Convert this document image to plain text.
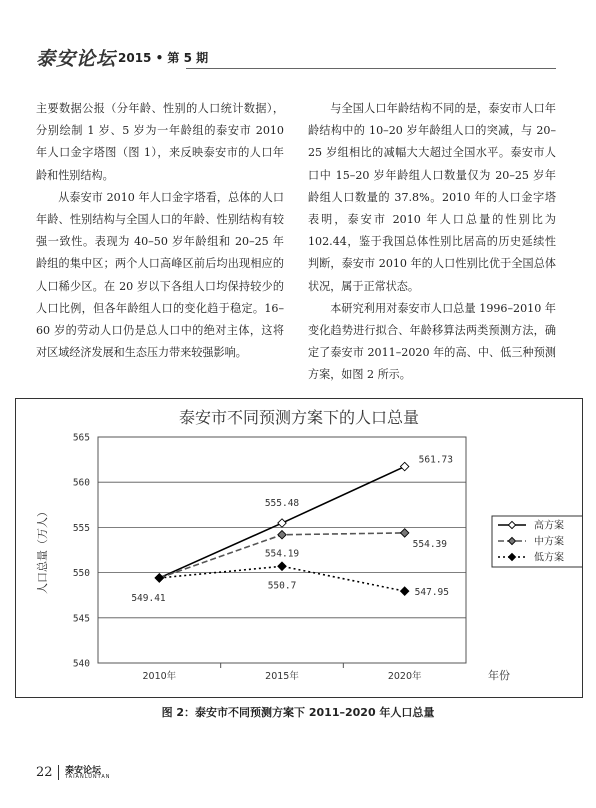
泰安论坛 2015 • 第 5 期

主要数据公报（分年龄、性别的人口统计数据），分别绘制 1 岁、5 岁为一年龄组的泰安市 2010 年人口金字塔图（图 1），来反映泰安市的人口年龄和性别结构。

从泰安市 2010 年人口金字塔看，总体的人口年龄、性别结构与全国人口的年龄、性别结构有较强一致性。表现为 40–50 岁年龄组和 20–25 年龄组的集中区；两个人口高峰区前后均出现相应的人口稀少区。在 20 岁以下各组人口均保持较少的人口比例，但各年龄组人口的变化趋于稳定。16–60 岁的劳动人口仍是总人口中的绝对主体，这将对区域经济发展和生态压力带来较强影响。

与全国人口年龄结构不同的是，泰安市人口年龄结构中的 10–20 岁年龄组人口的突减，与 20–25 岁组相比的减幅大大超过全国水平。泰安市人口中 15–20 岁年龄组人口数量仅为 20–25 岁年龄组人口数量的 37.8%。2010 年的人口金字塔表明，泰安市 2010 年人口总量的性别比为 102.44，鉴于我国总体性别比居高的历史延续性判断，泰安市 2010 年的人口性别比优于全国总体状况，属于正常状态。

本研究利用对泰安市人口总量 1996–2010 年变化趋势进行拟合、年龄移算法两类预测方法，确定了泰安市 2011–2020 年的高、中、低三种预测方案，如图 2 所示。

泰安市不同预测方案下的人口总量
540
545
550
555
560
565
2010年	2015年	2020年	年份
人口总量（万人）
555.48
561.73
554.19
554.39
549.41
550.7
547.95
高方案
中方案
低方案
图 2：泰安市不同预测方案下 2011–2020 年人口总量
22 泰安论坛
TAIANLUNTAN
